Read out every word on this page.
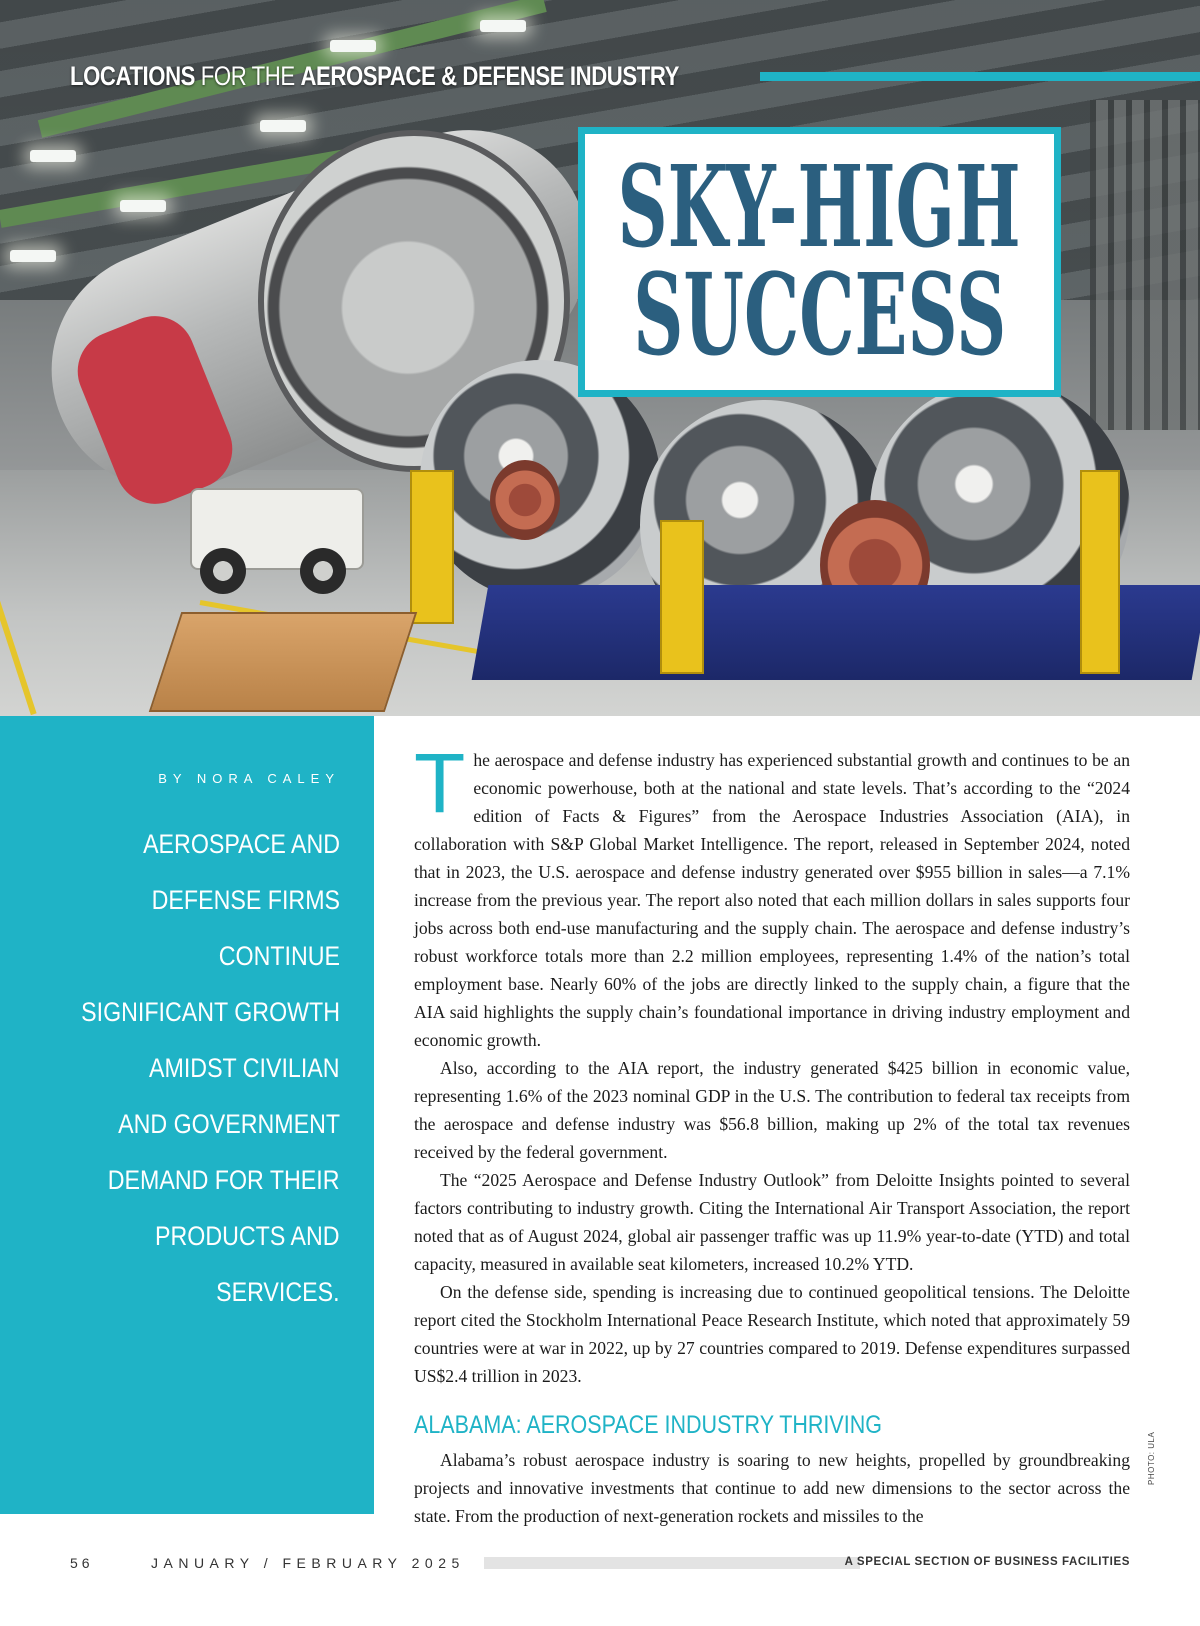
LOCATIONS FOR THE AEROSPACE & DEFENSE INDUSTRY
SKY-HIGH
SUCCESS
BY NORA CALEY
AEROSPACE AND
DEFENSE FIRMS
CONTINUE
SIGNIFICANT GROWTH
AMIDST CIVILIAN
AND GOVERNMENT
DEMAND FOR THEIR
PRODUCTS AND
SERVICES.

The aerospace and defense industry has experienced substantial growth and continues to be an economic powerhouse, both at the national and state levels. That’s according to the “2024 edition of Facts & Figures” from the Aerospace Industries Association (AIA), in collaboration with S&P Global Market Intelligence. The report, released in September 2024, noted that in 2023, the U.S. aerospace and defense industry generated over $955 billion in sales—a 7.1% increase from the previous year. The report also noted that each million dollars in sales supports four jobs across both end-use manufacturing and the supply chain. The aerospace and defense industry’s robust workforce totals more than 2.2 million employees, representing 1.4% of the nation’s total employment base. Nearly 60% of the jobs are directly linked to the supply chain, a figure that the AIA said highlights the supply chain’s foundational importance in driving industry employment and economic growth.

Also, according to the AIA report, the industry generated $425 billion in economic value, representing 1.6% of the 2023 nominal GDP in the U.S. The contribution to federal tax receipts from the aerospace and defense industry was $56.8 billion, making up 2% of the total tax revenues received by the federal government.

The “2025 Aerospace and Defense Industry Outlook” from Deloitte Insights pointed to several factors contributing to industry growth. Citing the International Air Transport Association, the report noted that as of August 2024, global air passenger traffic was up 11.9% year-to-date (YTD) and total capacity, measured in available seat kilometers, increased 10.2% YTD.

On the defense side, spending is increasing due to continued geopolitical tensions. The Deloitte report cited the Stockholm International Peace Research Institute, which noted that approximately 59 countries were at war in 2022, up by 27 countries compared to 2019. Defense expenditures surpassed US$2.4 trillion in 2023.

ALABAMA: AEROSPACE INDUSTRY THRIVING

Alabama’s robust aerospace industry is soaring to new heights, propelled by groundbreaking projects and innovative investments that continue to add new dimensions to the sector across the state. From the production of next-generation rockets and missiles to the

PHOTO: ULA
56	JANUARY / FEBRUARY 2025	A SPECIAL SECTION OF BUSINESS FACILITIES
